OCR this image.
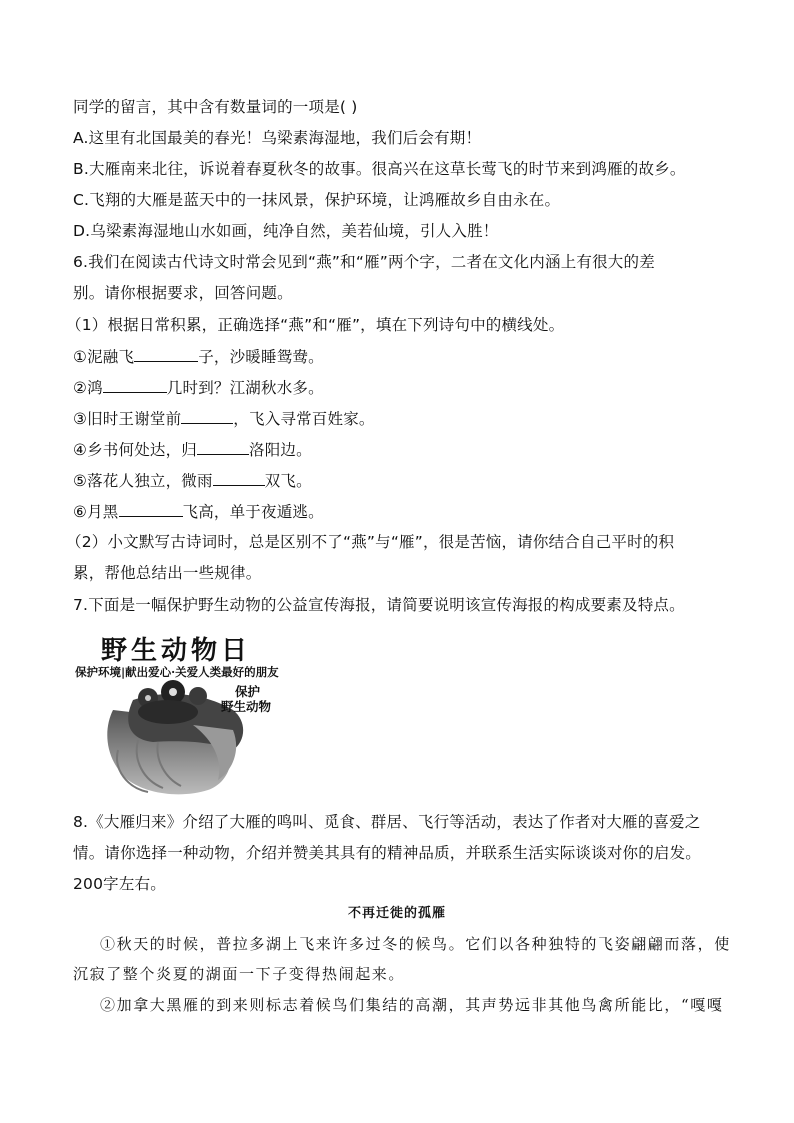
同学的留言，其中含有数量词的一项是( )
A.这里有北国最美的春光！乌梁素海湿地，我们后会有期！
B.大雁南来北往，诉说着春夏秋冬的故事。很高兴在这草长莺飞的时节来到鸿雁的故乡。
C.飞翔的大雁是蓝天中的一抹风景，保护环境，让鸿雁故乡自由永在。
D.乌梁素海湿地山水如画，纯净自然，美若仙境，引人入胜！
6.我们在阅读古代诗文时常会见到“燕”和“雁”两个字，二者在文化内涵上有很大的差
别。请你根据要求，回答问题。
（1）根据日常积累，正确选择“燕”和“雁”，填在下列诗句中的横线处。
①泥融飞	子，沙暖睡鸳鸯。
②鸿	几时到？江湖秋水多。
③旧时王谢堂前	，飞入寻常百姓家。
④乡书何处达，归	洛阳边。
⑤落花人独立，微雨	双飞。
⑥月黑	飞高，单于夜遁逃。
（2）小文默写古诗词时，总是区别不了“燕”与“雁”，很是苦恼，请你结合自己平时的积
累，帮他总结出一些规律。
7.下面是一幅保护野生动物的公益宣传海报，请简要说明该宣传海报的构成要素及特点。
野生动物日
保护环境|献出爱心·关爱人类最好的朋友
保护
野生动物
8.《大雁归来》介绍了大雁的鸣叫、觅食、群居、飞行等活动，表达了作者对大雁的喜爱之
情。请你选择一种动物，介绍并赞美其具有的精神品质，并联系生活实际谈谈对你的启发。
200字左右。
不再迁徙的孤雁
①秋天的时候，普拉多湖上飞来许多过冬的候鸟。它们以各种独特的飞姿翩翩而落，使
沉寂了整个炎夏的湖面一下子变得热闹起来。
②加拿大黑雁的到来则标志着候鸟们集结的高潮，其声势远非其他鸟禽所能比，“嘎嘎
